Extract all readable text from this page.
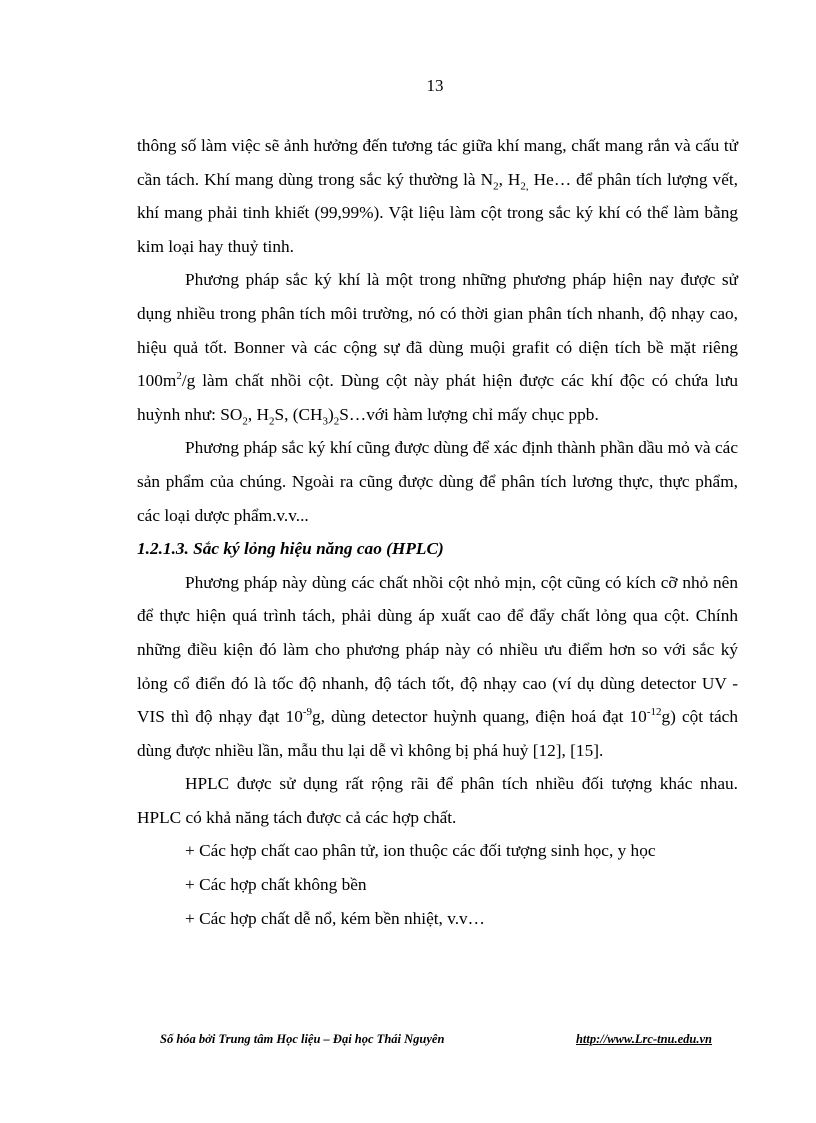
13

thông số làm việc sẽ ảnh hưởng đến tương tác giữa khí mang, chất mang rắn và cấu tử cần tách. Khí mang dùng trong sắc ký thường là $N_2$, $H_{2,}$ He… để phân tích lượng vết, khí mang phải tinh khiết (99,99%). Vật liệu làm cột trong sắc ký khí có thể làm bằng kim loại hay thuỷ tinh.

Phương pháp sắc ký khí là một trong những phương pháp hiện nay được sử dụng nhiều trong phân tích môi trường, nó có thời gian phân tích nhanh, độ nhạy cao, hiệu quả tốt. Bonner và các cộng sự đã dùng muội grafit có diện tích bề mặt riêng $100m^2/g$ làm chất nhồi cột. Dùng cột này phát hiện được các khí độc có chứa lưu huỳnh như: $SO_2$, $H_2S$, $(CH_3)_2S\dots với$ hàm lượng chỉ mấy chục ppb.

Phương pháp sắc ký khí cũng được dùng để xác định thành phần dầu mỏ và các sản phẩm của chúng. Ngoài ra cũng được dùng để phân tích lương thực, thực phẩm, các loại dược phẩm.v.v...

1.2.1.3. Sắc ký lỏng hiệu năng cao (HPLC)

Phương pháp này dùng các chất nhồi cột nhỏ mịn, cột cũng có kích cỡ nhỏ nên để thực hiện quá trình tách, phải dùng áp xuất cao để đẩy chất lỏng qua cột. Chính những điều kiện đó làm cho phương pháp này có nhiều ưu điểm hơn so với sắc ký lỏng cổ điển đó là tốc độ nhanh, độ tách tốt, độ nhạy cao (ví dụ dùng detector UV - VIS thì độ nhạy đạt $10^{-9}g$, dùng detector huỳnh quang, điện hoá đạt $10^{-12}g$) cột tách dùng được nhiều lần, mẫu thu lại dễ vì không bị phá huỷ [12], [15].

HPLC được sử dụng rất rộng rãi để phân tích nhiều đối tượng khác nhau. HPLC có khả năng tách được cả các hợp chất.

+ Các hợp chất cao phân tử, ion thuộc các đối tượng sinh học, y học

+ Các hợp chất không bền

+ Các hợp chất dễ nổ, kém bền nhiệt, v.v…

Số hóa bởi Trung tâm Học liệu – Đại học Thái Nguyên	http://www.Lrc-tnu.edu.vn
